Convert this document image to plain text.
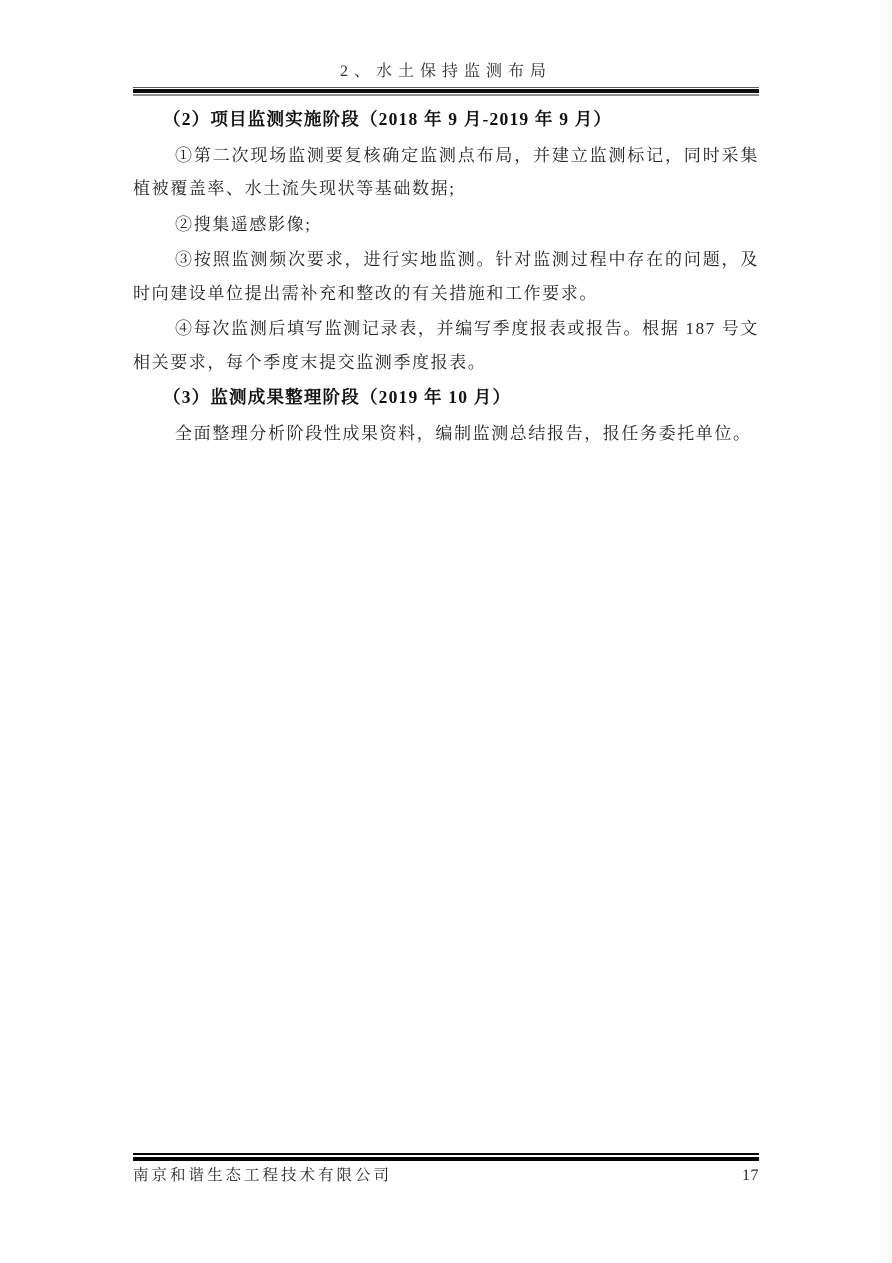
2、水土保持监测布局

（2）项目监测实施阶段（2018 年 9 月-2019 年 9 月）

①第二次现场监测要复核确定监测点布局，并建立监测标记，同时采集植被覆盖率、水土流失现状等基础数据;

②搜集遥感影像;

③按照监测频次要求，进行实地监测。针对监测过程中存在的问题，及时向建设单位提出需补充和整改的有关措施和工作要求。

④每次监测后填写监测记录表，并编写季度报表或报告。根据 187 号文相关要求，每个季度末提交监测季度报表。

（3）监测成果整理阶段（2019 年 10 月）

全面整理分析阶段性成果资料，编制监测总结报告，报任务委托单位。

南京和谐生态工程技术有限公司	17
